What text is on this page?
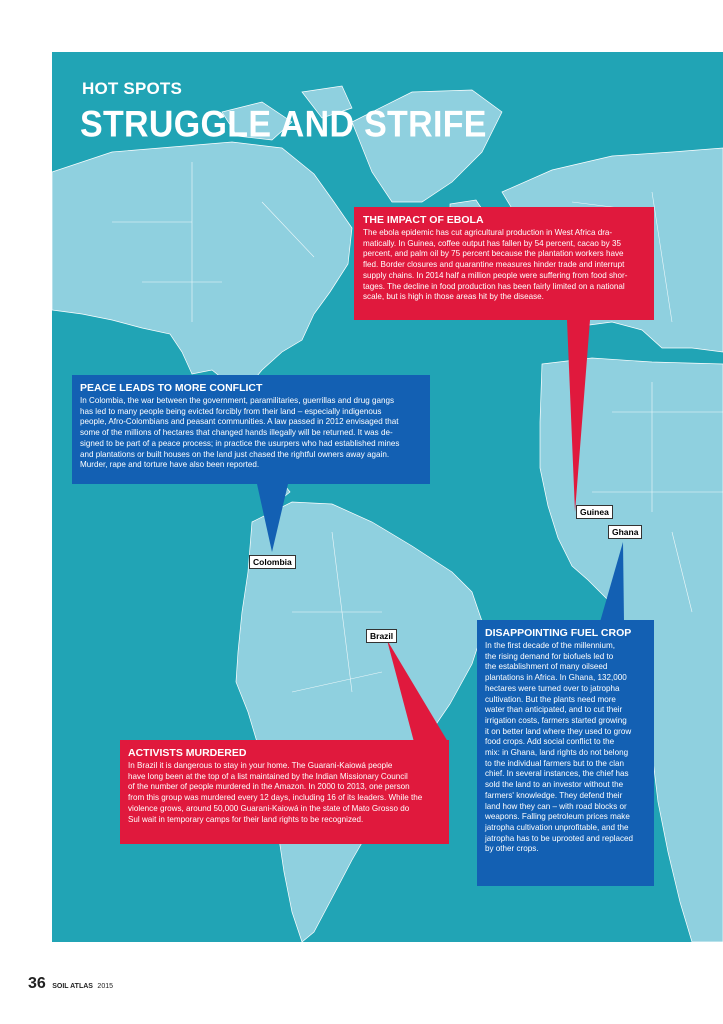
HOT SPOTS
STRUGGLE AND STRIFE
THE IMPACT OF EBOLA
The ebola epidemic has cut agricultural production in West Africa dra-
matically. In Guinea, coffee output has fallen by 54 percent, cacao by 35
percent, and palm oil by 75 percent because the plantation workers have
fled. Border closures and quarantine measures hinder trade and interrupt
supply chains. In 2014 half a million people were suffering from food shor-
tages. The decline in food production has been fairly limited on a national
scale, but is high in those areas hit by the disease.
PEACE LEADS TO MORE CONFLICT
In Colombia, the war between the government, paramilitaries, guerrillas and drug gangs
has led to many people being evicted forcibly from their land – especially indigenous
people, Afro-Colombians and peasant communities. A law passed in 2012 envisaged that
some of the millions of hectares that changed hands illegally will be returned. It was de-
signed to be part of a peace process; in practice the usurpers who had established mines
and plantations or built houses on the land just chased the rightful owners away again.
Murder, rape and torture have also been reported.
DISAPPOINTING FUEL CROP
In the first decade of the millennium,
the rising demand for biofuels led to
the establishment of many oilseed
plantations in Africa. In Ghana, 132,000
hectares were turned over to jatropha
cultivation. But the plants need more
water than anticipated, and to cut their
irrigation costs, farmers started growing
it on better land where they used to grow
food crops. Add social conflict to the
mix: in Ghana, land rights do not belong
to the individual farmers but to the clan
chief. In several instances, the chief has
sold the land to an investor without the
farmers' knowledge. They defend their
land how they can – with road blocks or
weapons. Falling petroleum prices make
jatropha cultivation unprofitable, and the
jatropha has to be uprooted and replaced
by other crops.
ACTIVISTS MURDERED
In Brazil it is dangerous to stay in your home. The Guarani-Kaiowá people
have long been at the top of a list maintained by the Indian Missionary Council
of the number of people murdered in the Amazon. In 2000 to 2013, one person
from this group was murdered every 12 days, including 16 of its leaders. While the
violence grows, around 50,000 Guarani-Kaiowá in the state of Mato Grosso do
Sul wait in temporary camps for their land rights to be recognized.
Guinea
Ghana
Colombia
Brazil
36 SOIL ATLAS 2015
